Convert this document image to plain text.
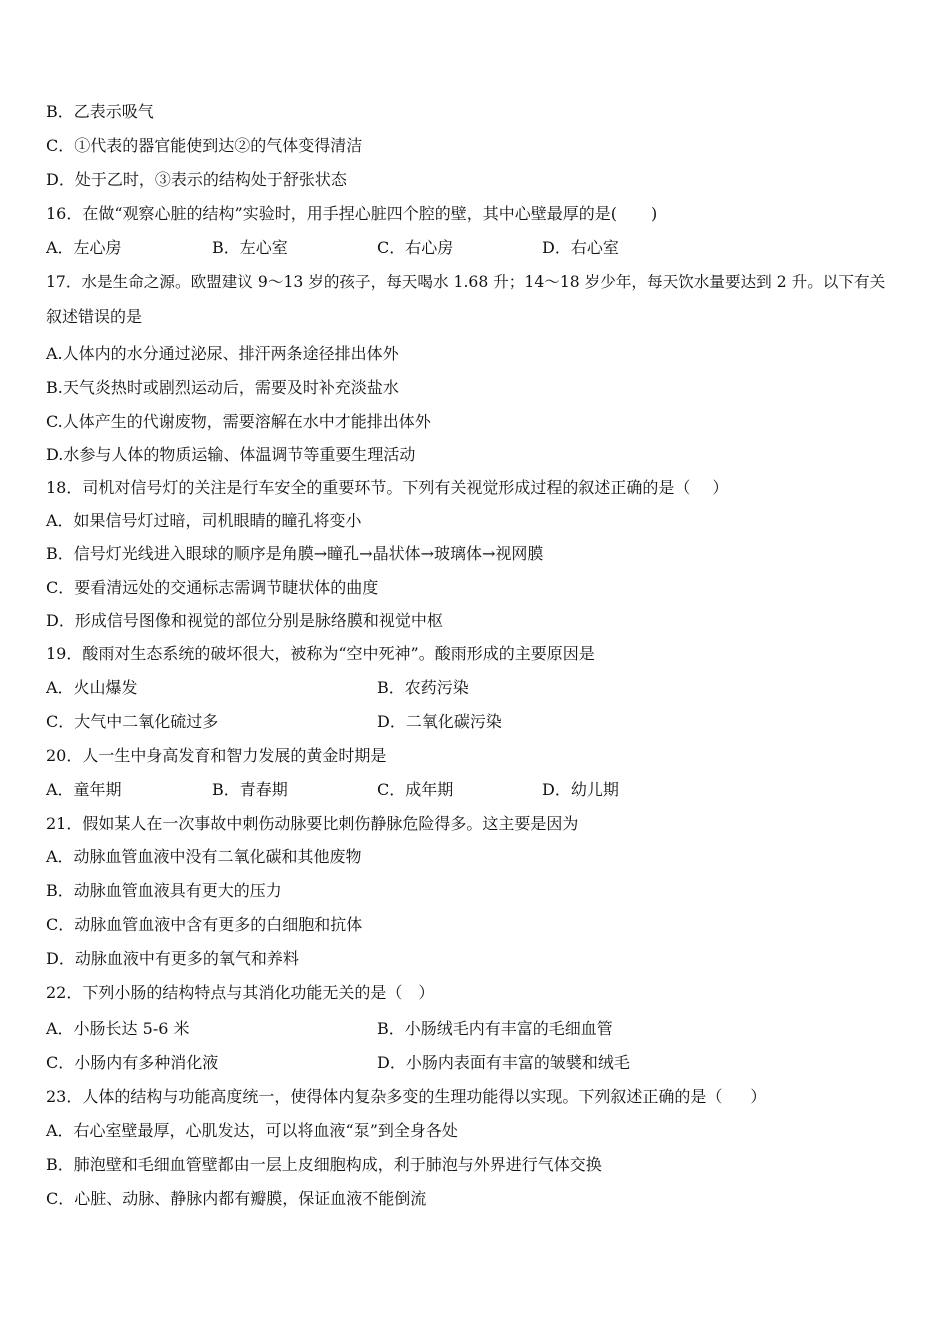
B．乙表示吸气
C．①代表的器官能使到达②的气体变得清洁
D．处于乙时，③表示的结构处于舒张状态
16．在做“观察心脏的结构”实验时，用手捏心脏四个腔的壁，其中心壁最厚的是( )
A．左心房	B．左心室	C．右心房	D．右心室
17．水是生命之源。欧盟建议 9～13 岁的孩子，每天喝水 1.68 升；14～18 岁少年，每天饮水量要达到 2 升。以下有关
叙述错误的是
A.人体内的水分通过泌尿、排汗两条途径排出体外
B.天气炎热时或剧烈运动后，需要及时补充淡盐水
C.人体产生的代谢废物，需要溶解在水中才能排出体外
D.水参与人体的物质运输、体温调节等重要生理活动
18．司机对信号灯的关注是行车安全的重要环节。下列有关视觉形成过程的叙述正确的是（ ）
A．如果信号灯过暗，司机眼睛的瞳孔将变小
B．信号灯光线进入眼球的顺序是角膜→瞳孔→晶状体→玻璃体→视网膜
C．要看清远处的交通标志需调节睫状体的曲度
D．形成信号图像和视觉的部位分别是脉络膜和视觉中枢
19．酸雨对生态系统的破坏很大，被称为“空中死神”。酸雨形成的主要原因是
A．火山爆发	B．农药污染
C．大气中二氧化硫过多	D．二氧化碳污染
20．人一生中身高发育和智力发展的黄金时期是
A．童年期	B．青春期	C．成年期	D．幼儿期
21．假如某人在一次事故中刺伤动脉要比刺伤静脉危险得多。这主要是因为
A．动脉血管血液中没有二氧化碳和其他废物
B．动脉血管血液具有更大的压力
C．动脉血管血液中含有更多的白细胞和抗体
D．动脉血液中有更多的氧气和养料
22．下列小肠的结构特点与其消化功能无关的是（ ）
A．小肠长达 5-6 米	B．小肠绒毛内有丰富的毛细血管
C．小肠内有多种消化液	D．小肠内表面有丰富的皱襞和绒毛
23．人体的结构与功能高度统一，使得体内复杂多变的生理功能得以实现。下列叙述正确的是（ ）
A．右心室壁最厚，心肌发达，可以将血液“泵”到全身各处
B．肺泡壁和毛细血管壁都由一层上皮细胞构成，利于肺泡与外界进行气体交换
C．心脏、动脉、静脉内都有瓣膜，保证血液不能倒流
